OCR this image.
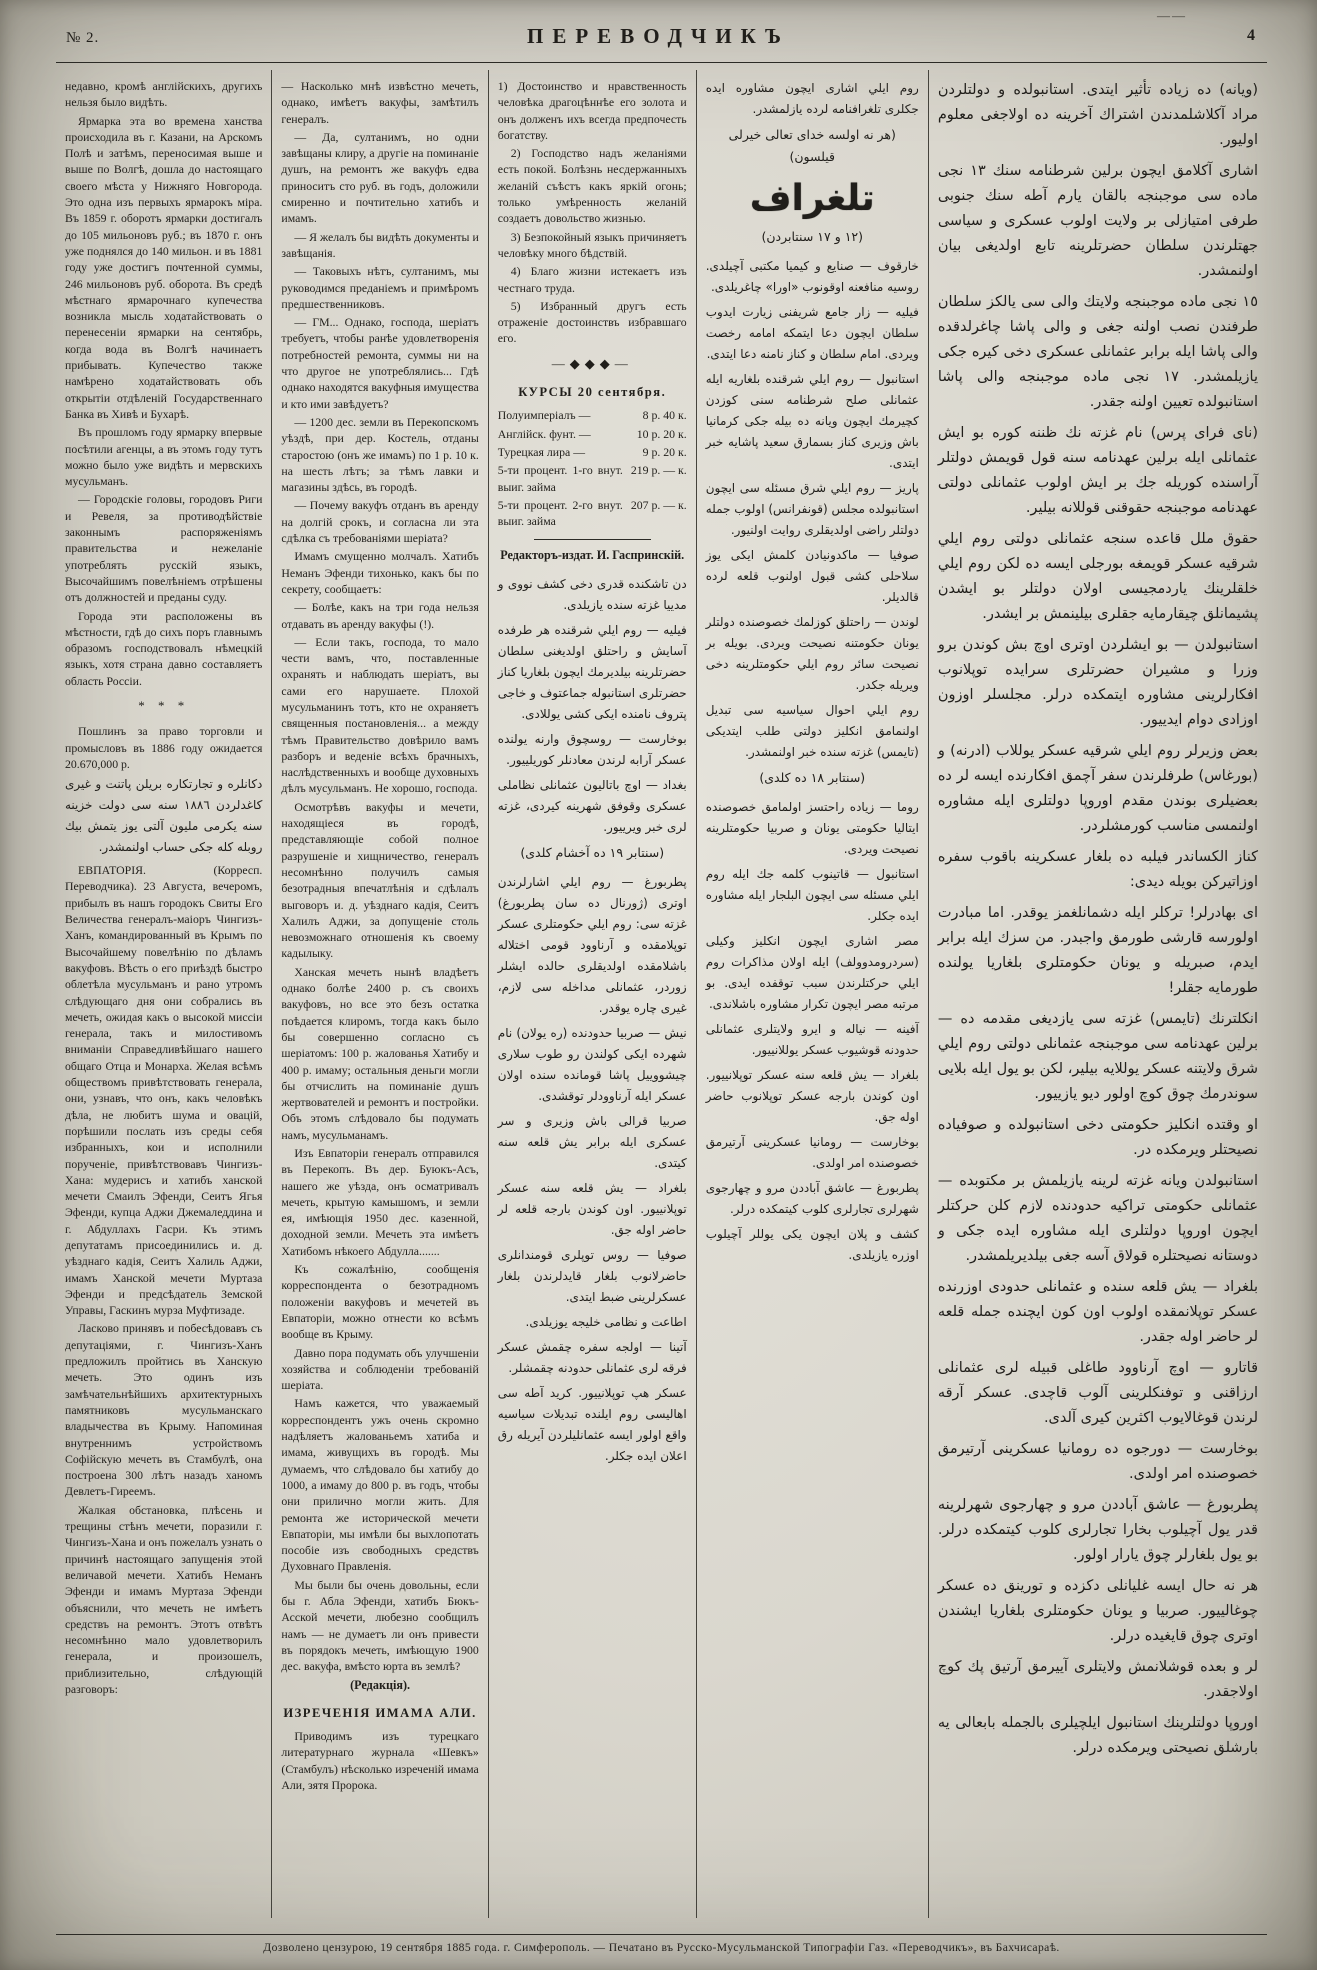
——
№ 2.	ПЕРЕВОДЧИКЪ	4
недавно, кромѣ англійскихъ, другихъ нельзя было видѣть.
Ярмарка эта во времена ханства происходила въ г. Казани, на Арскомъ Полѣ и затѣмъ, переносимая выше и выше по Волгѣ, дошла до настоящаго своего мѣста у Нижняго Новгорода. Это одна изъ первыхъ ярмарокъ міра. Въ 1859 г. оборотъ ярмарки достигалъ до 105 мильоновъ руб.; въ 1870 г. онъ уже поднялся до 140 мильон. и въ 1881 году уже достигъ почтенной суммы, 246 мильоновъ руб. оборота. Въ средѣ мѣстнаго ярмарочнаго купечества возникла мысль ходатайствовать о перенесеніи ярмарки на сентябрь, когда вода въ Волгѣ начинаетъ прибывать. Купечество также намѣрено ходатайствовать объ открытіи отдѣленій Государственнаго Банка въ Хивѣ и Бухарѣ.
Въ прошломъ году ярмарку впервые посѣтили агенцы, а въ этомъ году тутъ можно было уже видѣть и мервскихъ мусульманъ.
— Городскіе головы, городовъ Риги и Ревеля, за противодѣйствіе законнымъ распоряженіямъ правительства и нежеланіе употреблять русскій языкъ, Высочайшимъ повелѣніемъ отрѣшены отъ должностей и преданы суду.
Города эти расположены въ мѣстности, гдѣ до сихъ поръ главнымъ образомъ господствовалъ нѣмецкій языкъ, хотя страна давно составляетъ область Россіи.
* * *
Пошлинъ за право торговли и промысловъ въ 1886 году ожидается 20.670,000 р.
دكانلره و تجارتكاره بريلن پاتنت و غيرى كاغدلردن ١٨٨٦ سنه سى دولت خزينه سنه يكرمى مليون آلتى يوز يتمش بيك روبله كله جكى حساب اولنمشدر.
ЕВПАТОРІЯ. (Корресп. Переводчика). 23 Августа, вечеромъ, прибылъ въ нашъ городокъ Свиты Его Величества генералъ-маіоръ Чингизъ-Ханъ, командированный въ Крымъ по Высочайшему повелѣнію по дѣламъ вакуфовъ. Вѣсть о его приѣздѣ быстро облетѣла мусульманъ и рано утромъ слѣдующаго дня они собрались въ мечеть, ожидая какъ о высокой миссіи генерала, такъ и милостивомъ вниманіи Справедливѣйшаго нашего общаго Отца и Монарха. Желая всѣмъ обществомъ привѣтствовать генерала, они, узнавъ, что онъ, какъ человѣкъ дѣла, не любитъ шума и овацій, порѣшили послать изъ среды себя избранныхъ, кои и исполнили порученіе, привѣтствовавъ Чингизъ-Хана: мудерисъ и хатибъ ханской мечети Смаилъ Эфенди, Сеитъ Ягья Эфенди, купца Аджи Джемаледдина и г. Абдуллахъ Гасри. Къ этимъ депутатамъ присоединились и. д. уѣзднаго кадія, Сеитъ Халиль Аджи, имамъ Ханской мечети Муртаза Эфенди и предсѣдатель Земской Управы, Гаскинъ мурза Муфтизаде.
Ласково принявъ и побесѣдовавъ съ депутаціями, г. Чингизъ-Ханъ предложилъ пройтись въ Ханскую мечеть. Это одинъ изъ замѣчательнѣйшихъ архитектурныхъ памятниковъ мусульманскаго владычества въ Крыму. Напоминая внутреннимъ устройствомъ Софійскую мечеть въ Стамбулѣ, она построена 300 лѣтъ назадъ ханомъ Девлетъ-Гиреемъ.
Жалкая обстановка, плѣсень и трещины стѣнъ мечети, поразили г. Чингизъ-Хана и онъ пожелалъ узнать о причинѣ настоящаго запущенія этой величавой мечети. Хатибъ Неманъ Эфенди и имамъ Муртаза Эфенди объяснили, что мечеть не имѣетъ средствъ на ремонтъ. Этотъ отвѣтъ несомнѣнно мало удовлетворилъ генерала, и произошелъ, приблизительно, слѣдующій разговоръ:
— Насколько мнѣ извѣстно мечеть, однако, имѣетъ вакуфы, замѣтилъ генералъ.
— Да, султанимъ, но одни завѣщаны клиру, а другіе на поминаніе душъ, на ремонтъ же вакуфъ едва приноситъ сто руб. въ годъ, доложили смиренно и почтительно хатибъ и имамъ.
— Я желалъ бы видѣть документы и завѣщанія.
— Таковыхъ нѣтъ, султанимъ, мы руководимся преданіемъ и примѣромъ предшественниковъ.
— ГМ... Однако, господа, шеріатъ требуетъ, чтобы ранѣе удовлетворенія потребностей ремонта, суммы ни на что другое не употреблялись... Гдѣ однако находятся вакуфныя имущества и кто ими завѣдуетъ?
— 1200 дес. земли въ Перекопскомъ уѣздѣ, при дер. Костель, отданы старостою (онъ же имамъ) по 1 р. 10 к. на шесть лѣтъ; за тѣмъ лавки и магазины здѣсь, въ городѣ.
— Почему вакуфъ отданъ въ аренду на долгій срокъ, и согласна ли эта сдѣлка съ требованіями шеріата?
Имамъ смущенно молчалъ. Хатибъ Неманъ Эфенди тихонько, какъ бы по секрету, сообщаетъ:
— Болѣе, какъ на три года нельзя отдавать въ аренду вакуфы (!).
— Если такъ, господа, то мало чести вамъ, что, поставленные охранять и наблюдать шеріатъ, вы сами его нарушаете. Плохой мусульманинъ тотъ, кто не охраняетъ священныя постановленія... а между тѣмъ Правительство довѣрило вамъ разборъ и веденіе всѣхъ брачныхъ, наслѣдственныхъ и вообще духовныхъ дѣлъ мусульманъ. Не хорошо, господа.
Осмотрѣвъ вакуфы и мечети, находящіеся въ городѣ, представляющіе собой полное разрушеніе и хищничество, генералъ несомнѣнно получилъ самыя безотрадныя впечатлѣнія и сдѣлалъ выговоръ и. д. уѣзднаго кадія, Сеитъ Халилъ Аджи, за допущеніе столь невозможнаго отношенія къ своему кадылыку.
Ханская мечеть нынѣ владѣетъ однако болѣе 2400 р. съ своихъ вакуфовъ, но все это безъ остатка поѣдается клиромъ, тогда какъ было бы совершенно согласно съ шеріатомъ: 100 р. жалованья Хатибу и 400 р. имаму; остальныя деньги могли бы отчислить на поминаніе душъ жертвователей и ремонтъ и постройки. Объ этомъ слѣдовало бы подумать намъ, мусульманамъ.
Изъ Евпаторіи генералъ отправился въ Перекопъ. Въ дер. Буюкъ-Асъ, нашего же уѣзда, онъ осматривалъ мечеть, крытую камышомъ, и земли ея, имѣющія 1950 дес. казенной, доходной земли. Мечеть эта имѣетъ Хатибомъ нѣкоего Абдулла.......
Къ сожалѣнію, сообщенія корреспондента о безотрадномъ положеніи вакуфовъ и мечетей въ Евпаторіи, можно отнести ко всѣмъ вообще въ Крыму.
Давно пора подумать объ улучшеніи хозяйства и соблюденіи требованій шеріата.
Намъ кажется, что уважаемый корреспондентъ ужъ очень скромно надѣляетъ жалованьемъ хатиба и имама, живущихъ въ городѣ. Мы думаемъ, что слѣдовало бы хатибу до 1000, а имаму до 800 р. въ годъ, чтобы они прилично могли жить. Для ремонта же исторической мечети Евпаторіи, мы имѣли бы выхлопотать пособіе изъ свободныхъ средствъ Духовнаго Правленія.
Мы были бы очень довольны, если бы г. Абла Эфенди, хатибъ Бюкъ-Асской мечети, любезно сообщилъ намъ — не думаетъ ли онъ привести въ порядокъ мечеть, имѣющую 1900 дес. вакуфа, вмѣсто юрта въ землѣ?
(Редакція).
ИЗРЕЧЕНІЯ ИМАМА АЛИ.
Приводимъ изъ турецкаго литературнаго журнала «Шевкъ» (Стамбулъ) нѣсколько изреченій имама Али, зятя Пророка.
1) Достоинство и нравственность человѣка драгоцѣннѣе его золота и онъ долженъ ихъ всегда предпочесть богатству.
2) Господство надъ желаніями есть покой. Болѣзнь несдержанныхъ желаній съѣстъ какъ яркій огонь; только умѣренность желаній создаетъ довольство жизнью.
3) Безпокойный языкъ причиняетъ человѣку много бѣдствій.
4) Благо жизни истекаетъ изъ честнаго труда.
5) Избранный другъ есть отраженіе достоинствъ избравшаго его.
—◆◆◆—
КУРСЫ 20 сентября.
Полуимперіалъ —	8 р. 40 к.
Англійск. фунт. —	10 р. 20 к.
Турецкая лира —	9 р. 20 к.
5-ти процент. 1-го внут. выиг. займа
219 р. — к.
5-ти процент. 2-го внут. выиг. займа
207 р. — к.
Редакторъ-издат. И. Гаспринскій.
دن تاشكنده قدرى دخى كشف نووى و مدييا غزته سنده يازيلدى.
فيليه — روم ايلي شرقنده هر طرفده آسايش و راحتلق اولديغنى سلطان حضرتلرينه بيلديرمك ايچون بلغاريا كناز حضرتلرى استانبوله جماعتوف و خاجى پتروف نامنده ايكى كشى يوللادى.
بوخارست — روسچوق وارنه يولنده عسكر آرابه لرندن معادنلر كوريلييور.
بغداد — اوچ باتاليون عثمانلى نظاملى عسكرى وقوفق شهرينه كيردى، غزته لرى خبر ويرييور.
(سنتابر ١٩ ده آخشام كلدى)
پطربورغ — روم ايلي اشارلرندن اوترى (ژورنال ده سان پطربورغ) غزته سى: روم ايلي حكومتلرى عسكر توپلامقده و آرناوود قومى اختلاله باشلامقده اولديقلرى حالده ايشلر زوردر، عثمانلى مداخله سى لازم، غيرى چاره يوقدر.
نيش — صربيا حدودنده (ره يولان) نام شهرده ايكى كولندن رو طوب سلارى چيشووييل پاشا قومانده سنده اولان عسكر ايله آرناوودلر توقشدى.
صربيا قرالى باش وزيرى و سر عسكرى ايله برابر يش قلعه سنه كيتدى.
بلغراد — يش قلعه سنه عسكر توپلانييور. اون كوندن بارجه قلعه لر حاضر اوله جق.
صوفيا — روس توپلرى قومندانلرى حاضرلانوب بلغار قايدلرندن بلغار عسكرلرينى ضبط ايتدى.
اطاعت و نظامى خليجه يوزيلدى.
آتينا — اولجه سفره چقمش عسكر فرقه لرى عثمانلى حدودنه چقمشلر.
عسكر هپ توپلانييور. كريد آطه سى اهاليسى روم ايلنده تبديلات سياسيه واقع اولور ايسه عثمانليلردن آيريله رق اعلان ايده جكلر.
روم ايلي اشارى ايچون مشاوره ايده جكلرى تلغرافنامه لرده يازلمشدر.
(هر نه اولسه خداى تعالى خيرلى قيلسون)
تلغراف
(١٢ و ١٧ سنتابردن)
خارقوف — صنايع و كيميا مكتبى آچيلدى. روسيه منافعنه اوقونوب «اورا» چاغريلدى.
فيليه — زار جامع شريفنى زيارت ايدوب سلطان ايچون دعا ايتمكه امامه رخصت ويردى. امام سلطان و كناز نامنه دعا ايتدى.
استانبول — روم ايلي شرقنده بلغاريه ايله عثمانلى صلح شرطنامه سنى كوزدن كچيرمك ايچون ويانه ده بيله جكى كرمانيا باش وزيرى كناز بسمارق سعيد پاشايه خبر ايتدى.
پاريز — روم ايلي شرق مسئله سى ايچون استانبولده مجلس (قونفرانس) اولوب جمله دولتلر راضى اولديقلرى روايت اولنيور.
صوفيا — ماكدونيادن كلمش ايكى يوز سلاحلى كشى قبول اولنوب قلعه لرده قالديلر.
لوندن — راحتلق كوزلمك خصوصنده دولتلر يونان حكومتنه نصيحت ويردى. بويله بر نصيحت سائر روم ايلي حكومتلرينه دخى ويريله جكدر.
روم ايلي احوال سياسيه سى تبديل اولنمامق انكليز دولتى طلب ايتديكى (تايمس) غزته سنده خبر اولنمشدر.
(سنتابر ١٨ ده كلدى)
روما — زياده راحتسز اولمامق خصوصنده ايتاليا حكومتى يونان و صربيا حكومتلرينه نصيحت ويردى.
استانبول — قاتينوب كلمه جك ايله روم ايلي مسئله سى ايچون البلجار ايله مشاوره ايده جكلر.
مصر اشارى ايچون انكليز وكيلى (سردرومدوولف) ايله اولان مذاكرات روم ايلي حركتلرندن سبب توقفده ايدى. بو مرتبه مصر ايچون تكرار مشاوره باشلاندى.
آفينه — نياله و ايرو ولايتلرى عثمانلى حدودنه قوشيوب عسكر يوللانييور.
بلغراد — يش قلعه سنه عسكر توپلانييور. اون كوندن بارجه عسكر توپلانوب حاضر اوله جق.
بوخارست — رومانيا عسكرينى آرتيرمق خصوصنده امر اولدى.
پطربورغ — عاشق آباددن مرو و چهارجوى شهرلرى تجارلرى كلوب كيتمكده درلر.
كشف و پلان ايچون يكى يوللر آچيلوب اوزره يازيلدى.
(ويانه) ده زياده تأثير ايتدى. استانبولده و دولتلردن مراد آكلاشلمدندن اشتراك آخرينه ده اولاجغى معلوم اوليور.
اشارى آكلامق ايچون برلين شرطنامه سنك ١٣ نجى ماده سى موجبنجه بالقان يارم آطه سنك جنوبى طرفى امتيازلى بر ولايت اولوب عسكرى و سياسى جهتلرندن سلطان حضرتلرينه تابع اولديغى بيان اولنمشدر.
١٥ نجى ماده موجبنجه ولايتك والى سى يالكز سلطان طرفندن نصب اولنه جغى و والى پاشا چاغرلدقده والى پاشا ايله برابر عثمانلى عسكرى دخى كيره جكى يازيلمشدر. ١٧ نجى ماده موجبنجه والى پاشا استانبولده تعيين اولنه جقدر.
(ناى فراى پرس) نام غزته نك ظننه كوره بو ايش عثمانلى ايله برلين عهدنامه سنه قول قويمش دولتلر آراسنده كوريله جك بر ايش اولوب عثمانلى دولتى عهدنامه موجبنجه حقوقنى قوللانه بيلير.
حقوق ملل قاعده سنجه عثمانلى دولتى روم ايلي شرقيه عسكر قويمغه بورجلى ايسه ده لكن روم ايلي خلقلرينك ياردمجيسى اولان دولتلر بو ايشدن پشيمانلق چيقارمايه جقلرى بيلينمش بر ايشدر.
استانبولدن — بو ايشلردن اوترى اوچ بش كوندن برو وزرا و مشيران حضرتلرى سرايده توپلانوب افكارلرينى مشاوره ايتمكده درلر. مجلسلر اوزون اوزادى دوام ايدييور.
بعض وزيرلر روم ايلي شرقيه عسكر يوللاب (ادرنه) و (بورغاس) طرفلرندن سفر آچمق افكارنده ايسه لر ده بعضيلرى بوندن مقدم اوروپا دولتلرى ايله مشاوره اولنمسى مناسب كورمشلردر.
كناز الكساندر فيلبه ده بلغار عسكرينه باقوب سفره اوزاتيركن بويله ديدى:
اى بهادرلر! تركلر ايله دشمانلغمز يوقدر. اما مبادرت اولورسه قارشى طورمق واجبدر. من سزك ايله برابر ايدم، صبريله و يونان حكومتلرى بلغاريا يولنده طورمايه جقلر!
انكلترنك (تايمس) غزته سى يازديغى مقدمه ده — برلين عهدنامه سى موجبنجه عثمانلى دولتى روم ايلي شرق ولايتنه عسكر يوللايه بيلير، لكن بو يول ايله بلايى سوندرمك چوق كوچ اولور ديو يازييور.
او وقتده انكليز حكومتى دخى استانبولده و صوفياده نصيحتلر ويرمكده در.
استانبولدن ويانه غزته لرينه يازيلمش بر مكتوبده — عثمانلى حكومتى تراكيه حدودنده لازم كلن حركتلر ايچون اوروپا دولتلرى ايله مشاوره ايده جكى و دوستانه نصيحتلره قولاق آسه جغى بيلديريلمشدر.
بلغراد — يش قلعه سنده و عثمانلى حدودى اوزرنده عسكر توپلانمقده اولوب اون كون ايچنده جمله قلعه لر حاضر اوله جقدر.
قاتارو — اوچ آرناوود طاغلى قبيله لرى عثمانلى ارزاقنى و توفنكلرينى آلوب قاچدى. عسكر آرقه لرندن قوغالايوب اكثرين كيرى آلدى.
بوخارست — دورجوه ده رومانيا عسكرينى آرتيرمق خصوصنده امر اولدى.
پطربورغ — عاشق آباددن مرو و چهارجوى شهرلرينه قدر يول آچيلوب بخارا تجارلرى كلوب كيتمكده درلر. بو يول بلغارلر چوق يارار اولور.
هر نه حال ايسه غليانلى دكزده و تورينق ده عسكر چوغالييور. صربيا و يونان حكومتلرى بلغاريا ايشندن اوترى چوق قايغيده درلر.
لر و بعده قوشلانمش ولايتلرى آييرمق آرتيق پك كوچ اولاجقدر.
اوروپا دولتلرينك استانبول ايلچيلرى بالجمله بابعالى يه بارشلق نصيحتى ويرمكده درلر.
Дозволено цензурою, 19 сентября 1885 года. г. Симферополь. — Печатано въ Русско-Мусульманской Типографіи Газ. «Переводчикъ», въ Бахчисараѣ.
